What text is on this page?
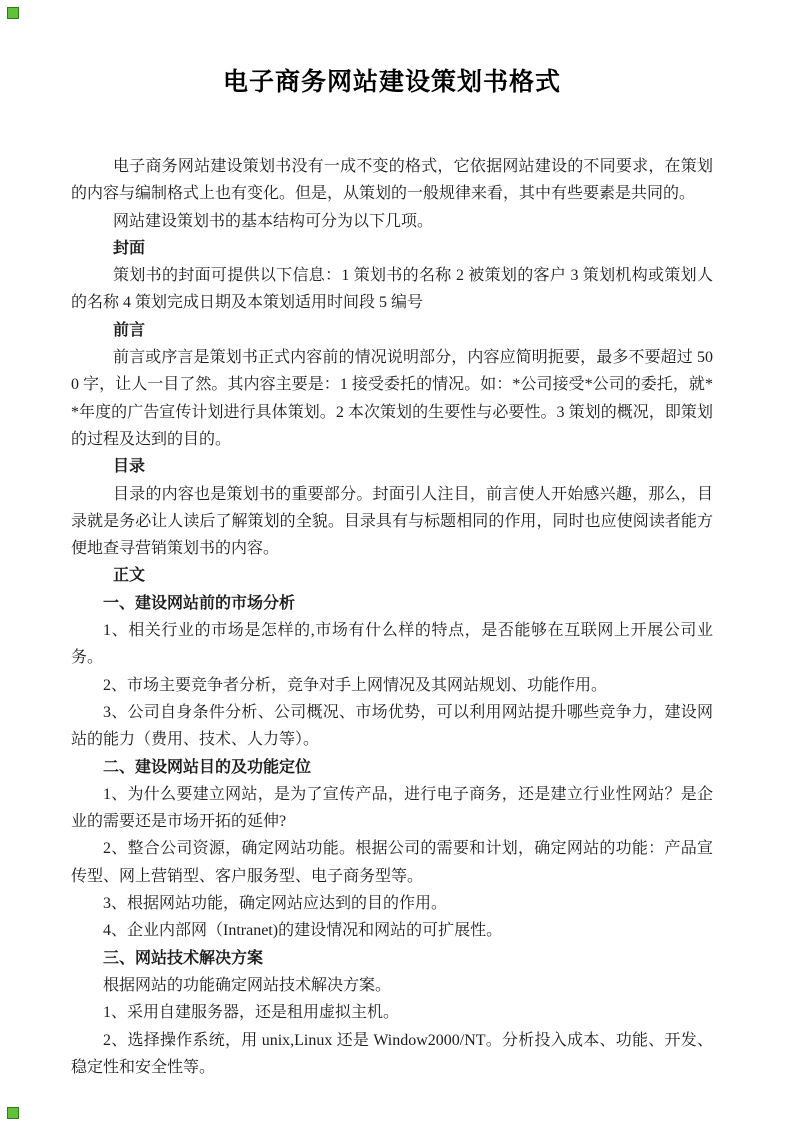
电子商务网站建设策划书格式

电子商务网站建设策划书没有一成不变的格式，它依据网站建设的不同要求，在策划的内容与编制格式上也有变化。但是，从策划的一般规律来看，其中有些要素是共同的。

网站建设策划书的基本结构可分为以下几项。

封面

策划书的封面可提供以下信息：1 策划书的名称 2 被策划的客户 3 策划机构或策划人的名称 4 策划完成日期及本策划适用时间段 5 编号

前言

前言或序言是策划书正式内容前的情况说明部分，内容应简明扼要，最多不要超过 500 字，让人一目了然。其内容主要是：1 接受委托的情况。如：*公司接受*公司的委托，就**年度的广告宣传计划进行具体策划。2 本次策划的生要性与必要性。3 策划的概况，即策划的过程及达到的目的。

目录

目录的内容也是策划书的重要部分。封面引人注目，前言使人开始感兴趣，那么，目录就是务必让人读后了解策划的全貌。目录具有与标题相同的作用，同时也应使阅读者能方便地查寻营销策划书的内容。

正文

一、建设网站前的市场分析

1、相关行业的市场是怎样的,市场有什么样的特点，是否能够在互联网上开展公司业务。

2、市场主要竞争者分析，竞争对手上网情况及其网站规划、功能作用。

3、公司自身条件分析、公司概况、市场优势，可以利用网站提升哪些竞争力，建设网站的能力（费用、技术、人力等）。

二、建设网站目的及功能定位

1、为什么要建立网站，是为了宣传产品，进行电子商务，还是建立行业性网站？是企业的需要还是市场开拓的延伸?

2、整合公司资源，确定网站功能。根据公司的需要和计划，确定网站的功能：产品宣传型、网上营销型、客户服务型、电子商务型等。

3、根据网站功能，确定网站应达到的目的作用。

4、企业内部网（Intranet)的建设情况和网站的可扩展性。

三、网站技术解决方案

根据网站的功能确定网站技术解决方案。

1、采用自建服务器，还是租用虚拟主机。

2、选择操作系统，用 unix,Linux 还是 Window2000/NT。分析投入成本、功能、开发、稳定性和安全性等。
